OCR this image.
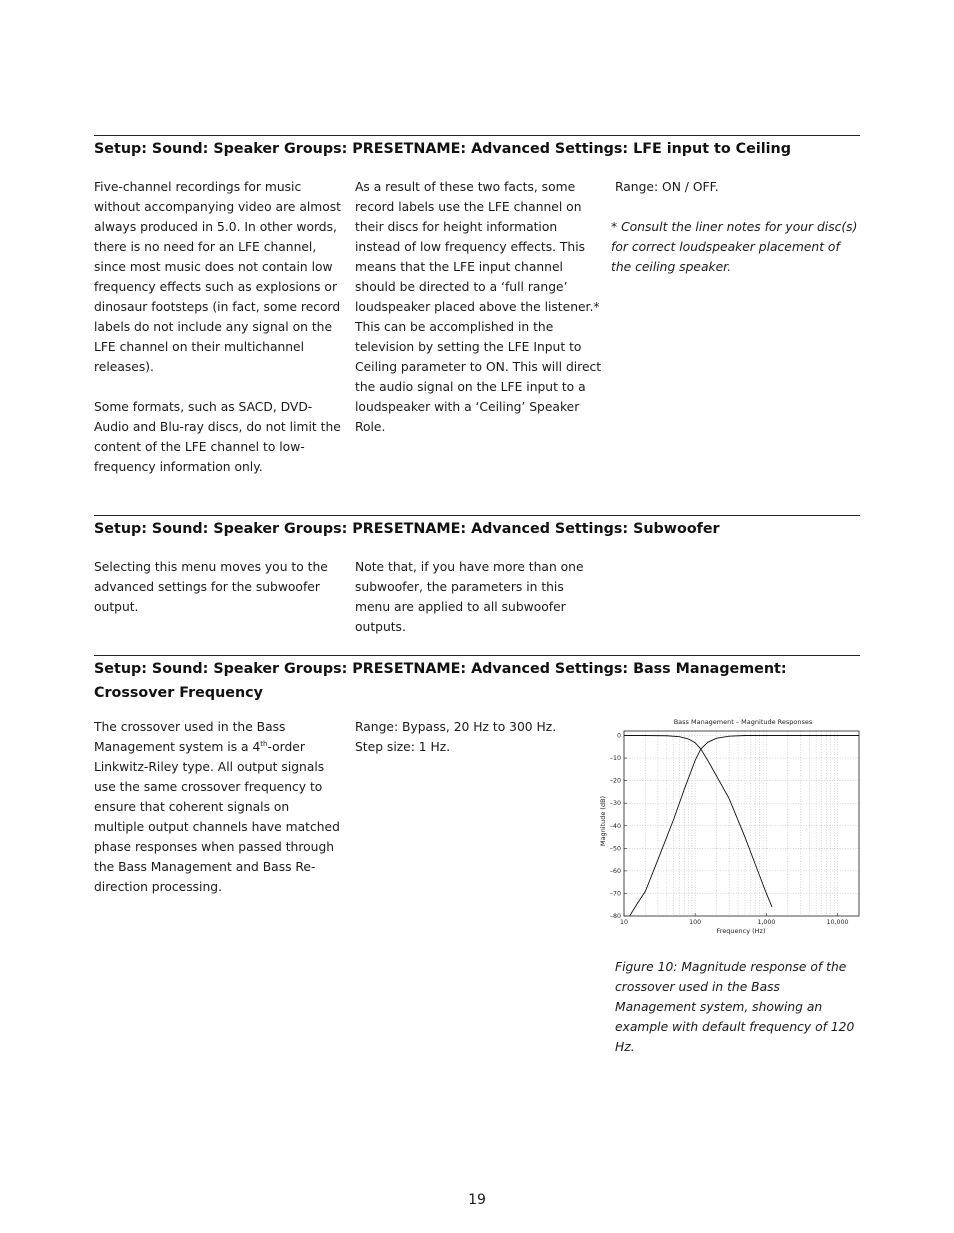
Setup: Sound: Speaker Groups: PRESETNAME: Advanced Settings: LFE input to Ceiling

Five-channel recordings for music without accompanying video are almost always produced in 5.0. In other words, there is no need for an LFE channel, since most music does not contain low frequency effects such as explosions or dinosaur footsteps (in fact, some record labels do not include any signal on the LFE channel on their multichannel releases).

Some formats, such as SACD, DVD-Audio and Blu-ray discs, do not limit the content of the LFE channel to low-frequency information only.

As a result of these two facts, some record labels use the LFE channel on their discs for height information instead of low frequency effects. This means that the LFE input channel should be directed to a ‘full range’ loudspeaker placed above the listener.* This can be accomplished in the television by setting the LFE Input to Ceiling parameter to ON. This will direct the audio signal on the LFE input to a loudspeaker with a ‘Ceiling’ Speaker Role.

Range: ON / OFF.
* Consult the liner notes for your disc(s) for correct loudspeaker placement of the ceiling speaker.
Setup: Sound: Speaker Groups: PRESETNAME: Advanced Settings: Subwoofer
Selecting this menu moves you to the advanced settings for the subwoofer output.
Note that, if you have more than one subwoofer, the parameters in this menu are applied to all subwoofer outputs.
Setup: Sound: Speaker Groups: PRESETNAME: Advanced Settings: Bass Management: Crossover Frequency
The crossover used in the Bass Management system is a 4th-order Linkwitz-Riley type. All output signals use the same crossover frequency to ensure that coherent signals on multiple output channels have matched phase responses when passed through the Bass Management and Bass Re-direction processing.
Range: Bypass, 20 Hz to 300 Hz.
Step size: 1 Hz.
Bass Management – Magnitude Responses
Magnitude (dB)
Frequency (Hz)
0
–10
–20
–30
–40
–50
–60
–70
–80
10	100	1,000	10,000
Figure 10: Magnitude response of the crossover used in the Bass Management system, showing an example with default frequency of 120 Hz.
19
